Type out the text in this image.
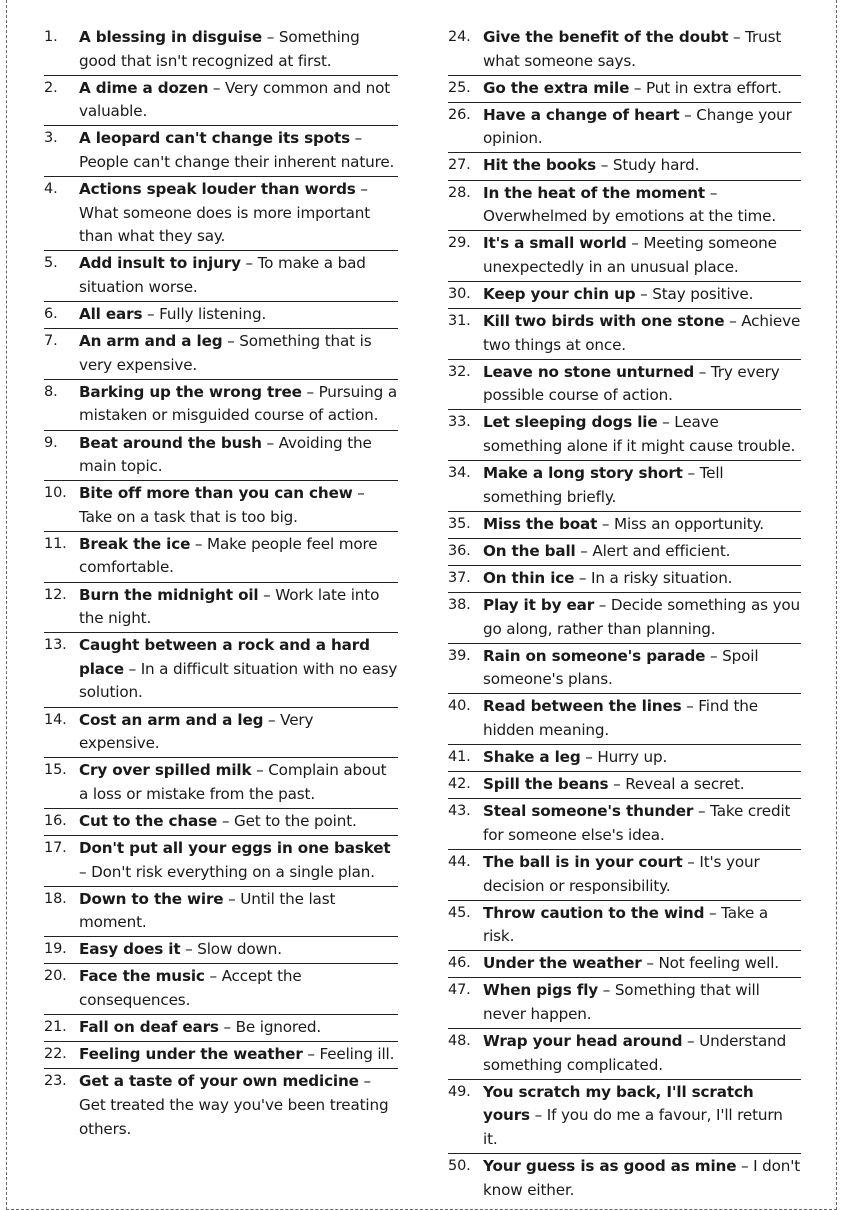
1.	A blessing in disguise – Something good that isn't recognized at first.
2.	A dime a dozen – Very common and not valuable.
3.	A leopard can't change its spots – People can't change their inherent nature.
4.	Actions speak louder than words – What someone does is more important than what they say.
5.	Add insult to injury – To make a bad situation worse.
6.	All ears – Fully listening.
7.	An arm and a leg – Something that is very expensive.
8.	Barking up the wrong tree – Pursuing a mistaken or misguided course of action.
9.	Beat around the bush – Avoiding the main topic.
10. Bite off more than you can chew – Take on a task that is too big.
11. Break the ice – Make people feel more comfortable.
12. Burn the midnight oil – Work late into the night.
13. Caught between a rock and a hard place – In a difficult situation with no easy solution.
14. Cost an arm and a leg – Very expensive.
15. Cry over spilled milk – Complain about a loss or mistake from the past.
16. Cut to the chase – Get to the point.
17. Don't put all your eggs in one basket – Don't risk everything on a single plan.
18. Down to the wire – Until the last moment.
19. Easy does it – Slow down.
20. Face the music – Accept the consequences.
21. Fall on deaf ears – Be ignored.
22. Feeling under the weather – Feeling ill.
23. Get a taste of your own medicine – Get treated the way you've been treating others.
24. Give the benefit of the doubt – Trust what someone says.
25. Go the extra mile – Put in extra effort.
26. Have a change of heart – Change your opinion.
27. Hit the books – Study hard.
28. In the heat of the moment – Overwhelmed by emotions at the time.
29. It's a small world – Meeting someone unexpectedly in an unusual place.
30. Keep your chin up – Stay positive.
31. Kill two birds with one stone – Achieve two things at once.
32. Leave no stone unturned – Try every possible course of action.
33. Let sleeping dogs lie – Leave something alone if it might cause trouble.
34. Make a long story short – Tell something briefly.
35. Miss the boat – Miss an opportunity.
36. On the ball – Alert and efficient.
37. On thin ice – In a risky situation.
38. Play it by ear – Decide something as you go along, rather than planning.
39. Rain on someone's parade – Spoil someone's plans.
40. Read between the lines – Find the hidden meaning.
41. Shake a leg – Hurry up.
42. Spill the beans – Reveal a secret.
43. Steal someone's thunder – Take credit for someone else's idea.
44. The ball is in your court – It's your decision or responsibility.
45. Throw caution to the wind – Take a risk.
46. Under the weather – Not feeling well.
47. When pigs fly – Something that will never happen.
48. Wrap your head around – Understand something complicated.
49. You scratch my back, I'll scratch yours – If you do me a favour, I'll return it.
50. Your guess is as good as mine – I don't know either.
